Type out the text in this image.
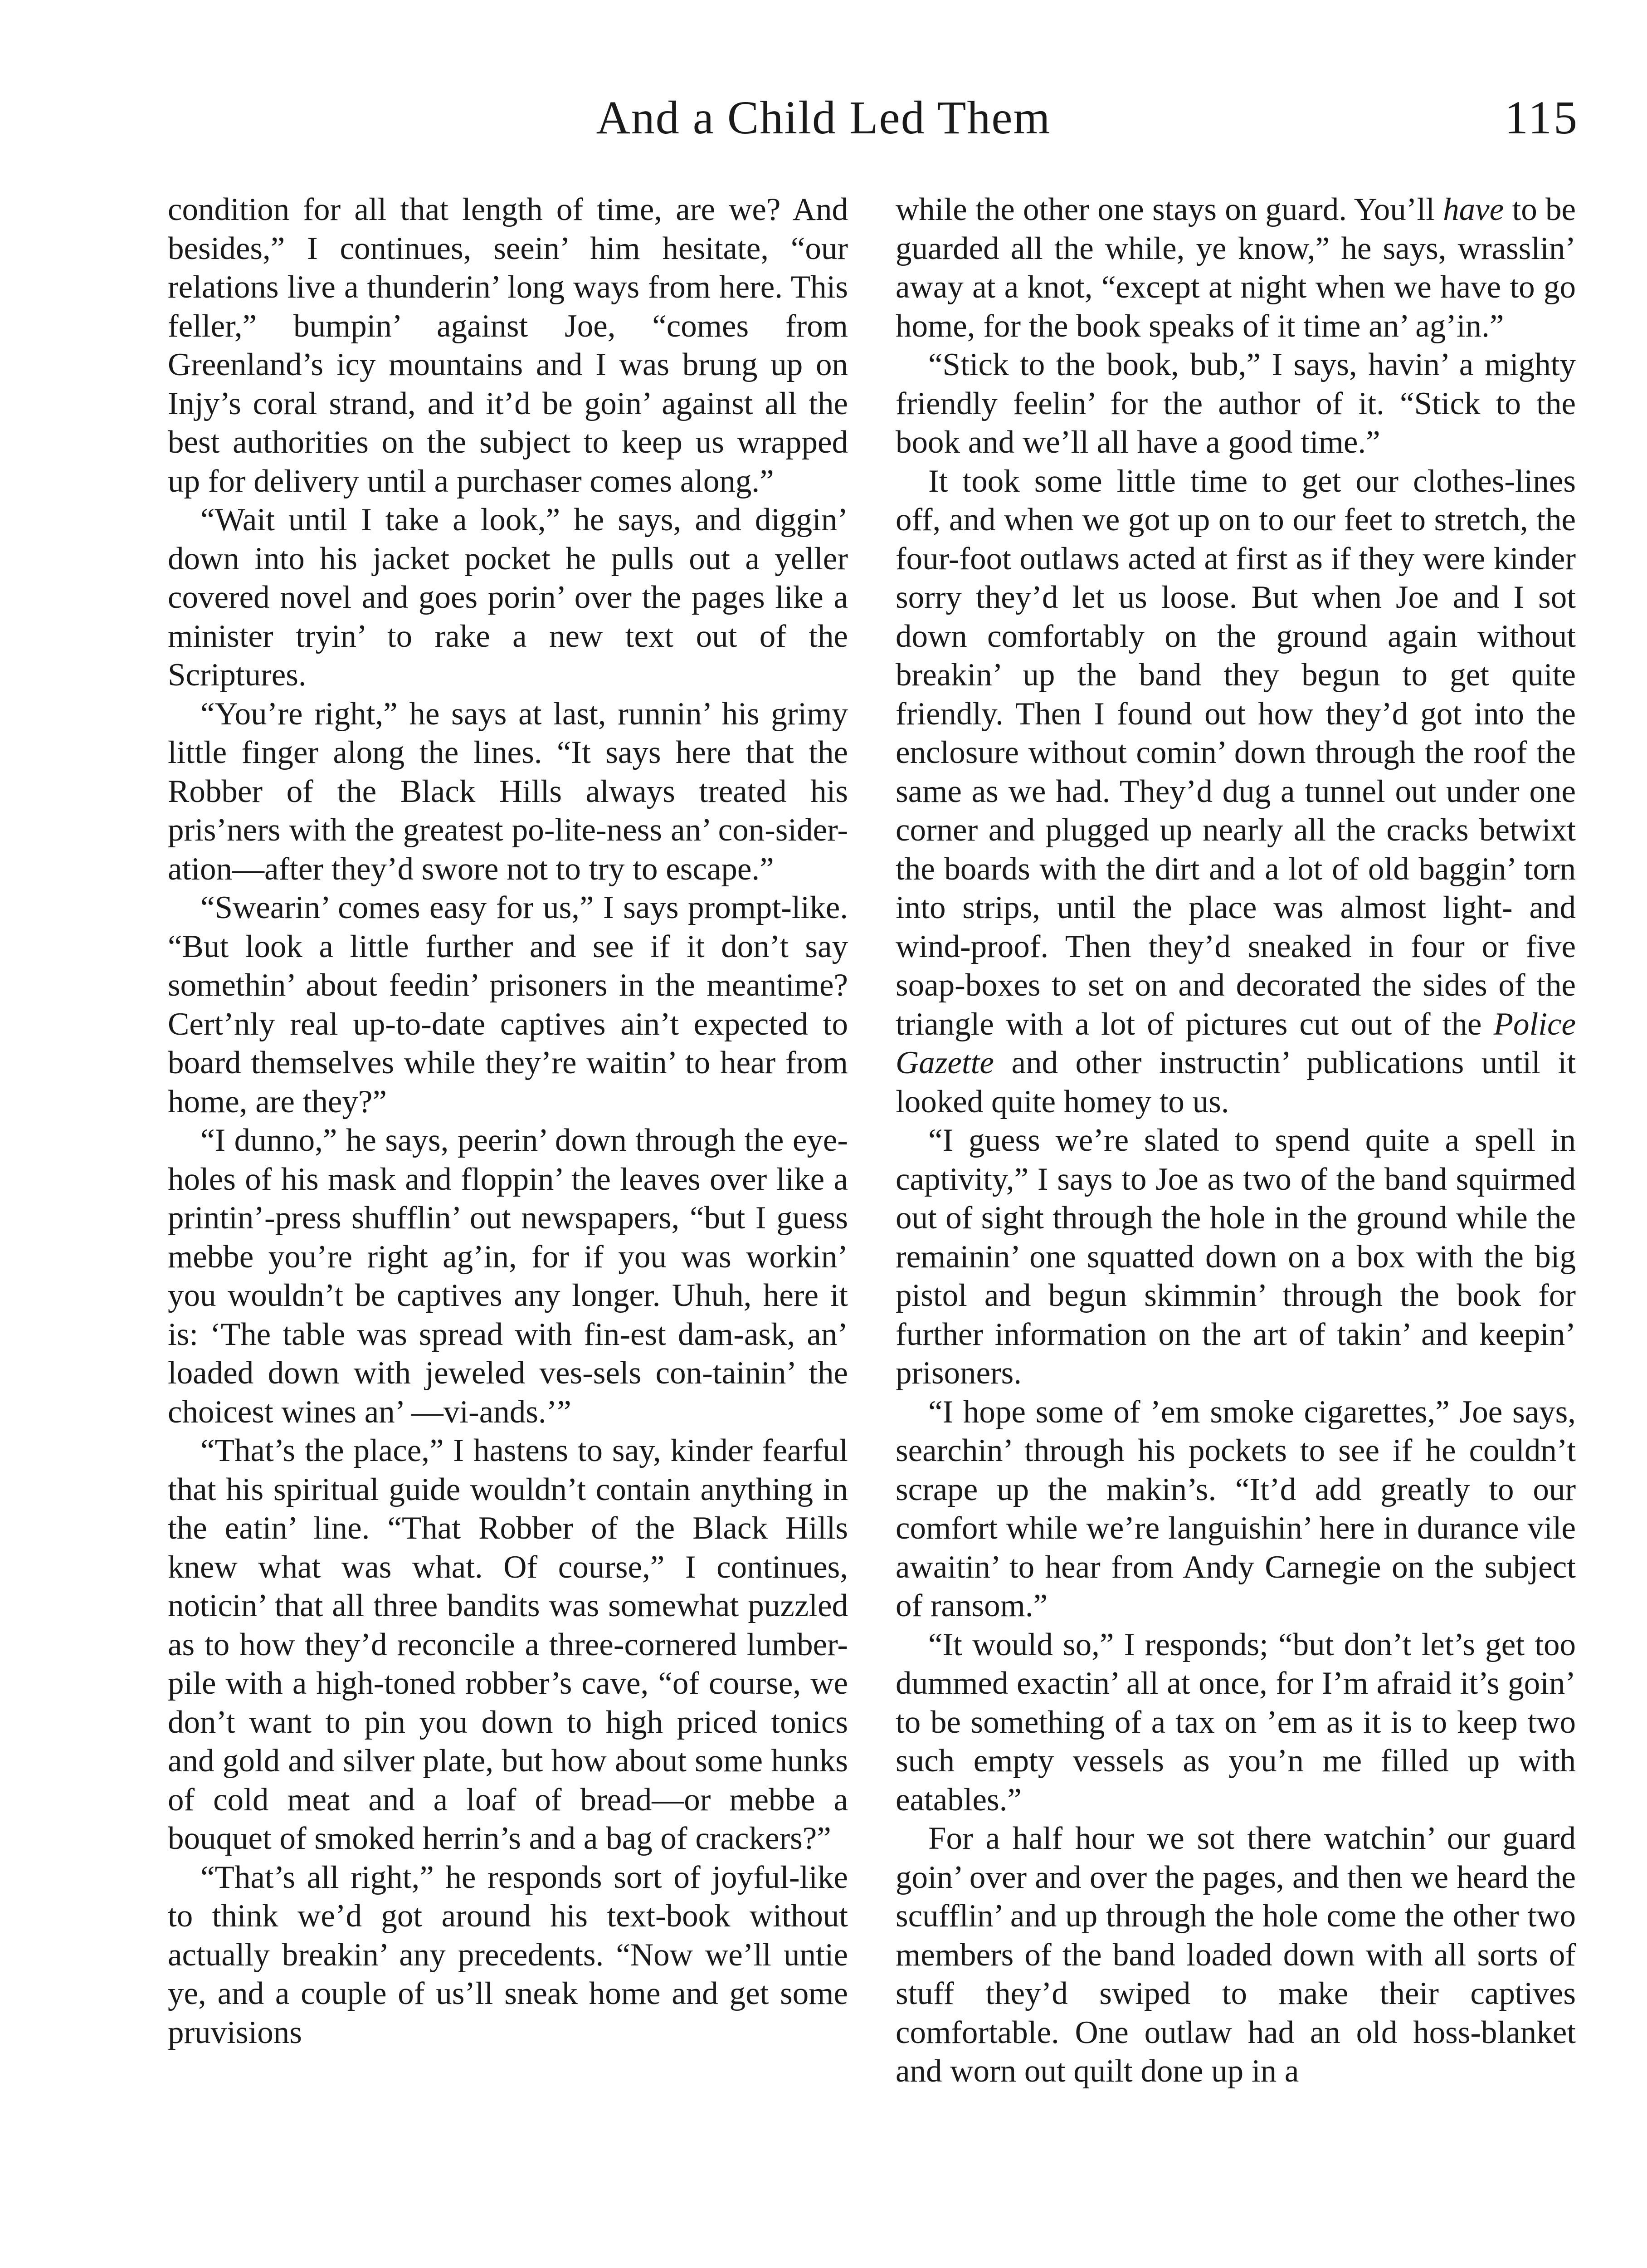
And a Child Led Them	115

condition for all that length of time, are we? And besides,” I continues, seein’ him hesitate, “our relations live a thunderin’ long ways from here. This feller,” bumpin’ against Joe, “comes from Greenland’s icy mountains and I was brung up on Injy’s coral strand, and it’d be goin’ against all the best authorities on the subject to keep us wrapped up for delivery until a purchaser comes along.”

“Wait until I take a look,” he says, and diggin’ down into his jacket pocket he pulls out a yeller covered novel and goes porin’ over the pages like a minister tryin’ to rake a new text out of the Scriptures.

“You’re right,” he says at last, runnin’ his grimy little finger along the lines. “It says here that the Robber of the Black Hills always treated his pris’ners with the greatest po-lite-ness an’ con-sider-ation—after they’d swore not to try to escape.”

“Swearin’ comes easy for us,” I says prompt-like. “But look a little further and see if it don’t say somethin’ about feedin’ prisoners in the meantime? Cert’nly real up-to-date captives ain’t expected to board themselves while they’re waitin’ to hear from home, are they?”

“I dunno,” he says, peerin’ down through the eye-holes of his mask and floppin’ the leaves over like a printin’-press shufflin’ out newspapers, “but I guess mebbe you’re right ag’in, for if you was workin’ you wouldn’t be captives any longer. Uhuh, here it is: ‘The table was spread with fin-est dam-ask, an’ loaded down with jeweled ves-sels con-tainin’ the choicest wines an’ —vi-ands.’”

“That’s the place,” I hastens to say, kinder fearful that his spiritual guide wouldn’t contain anything in the eatin’ line. “That Robber of the Black Hills knew what was what. Of course,” I continues, noticin’ that all three bandits was somewhat puzzled as to how they’d reconcile a three-cornered lumber-pile with a high-toned robber’s cave, “of course, we don’t want to pin you down to high priced tonics and gold and silver plate, but how about some hunks of cold meat and a loaf of bread—or mebbe a bouquet of smoked herrin’s and a bag of crackers?”

“That’s all right,” he responds sort of joyful-like to think we’d got around his text-book without actually breakin’ any precedents. “Now we’ll untie ye, and a couple of us’ll sneak home and get some pruvisions

while the other one stays on guard. You’ll have to be guarded all the while, ye know,” he says, wrasslin’ away at a knot, “except at night when we have to go home, for the book speaks of it time an’ ag’in.”

“Stick to the book, bub,” I says, havin’ a mighty friendly feelin’ for the author of it. “Stick to the book and we’ll all have a good time.”

It took some little time to get our clothes-lines off, and when we got up on to our feet to stretch, the four-foot outlaws acted at first as if they were kinder sorry they’d let us loose. But when Joe and I sot down comfortably on the ground again without breakin’ up the band they begun to get quite friendly. Then I found out how they’d got into the enclosure without comin’ down through the roof the same as we had. They’d dug a tunnel out under one corner and plugged up nearly all the cracks betwixt the boards with the dirt and a lot of old baggin’ torn into strips, until the place was almost light- and wind-proof. Then they’d sneaked in four or five soap-boxes to set on and decorated the sides of the triangle with a lot of pictures cut out of the Police Gazette and other instructin’ publications until it looked quite homey to us.

“I guess we’re slated to spend quite a spell in captivity,” I says to Joe as two of the band squirmed out of sight through the hole in the ground while the remainin’ one squatted down on a box with the big pistol and begun skimmin’ through the book for further information on the art of takin’ and keepin’ prisoners.

“I hope some of ’em smoke cigarettes,” Joe says, searchin’ through his pockets to see if he couldn’t scrape up the makin’s. “It’d add greatly to our comfort while we’re languishin’ here in durance vile awaitin’ to hear from Andy Carnegie on the subject of ransom.”

“It would so,” I responds; “but don’t let’s get too dummed exactin’ all at once, for I’m afraid it’s goin’ to be something of a tax on ’em as it is to keep two such empty vessels as you’n me filled up with eatables.”

For a half hour we sot there watchin’ our guard goin’ over and over the pages, and then we heard the scufflin’ and up through the hole come the other two members of the band loaded down with all sorts of stuff they’d swiped to make their captives comfortable. One outlaw had an old hoss-blanket and worn out quilt done up in a
